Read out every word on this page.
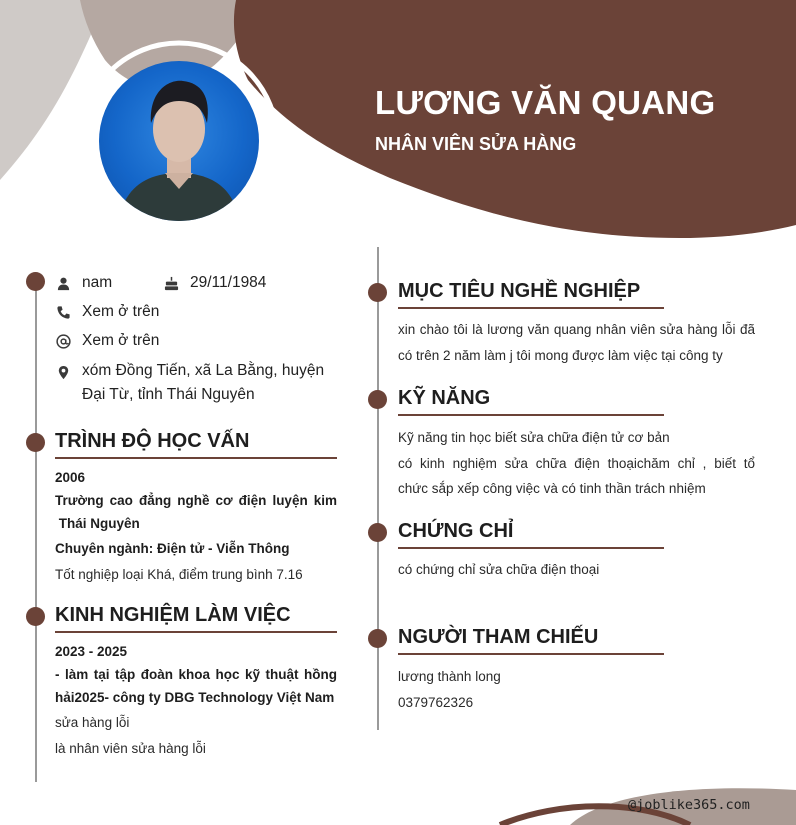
LƯƠNG VĂN QUANG
NHÂN VIÊN SỬA HÀNG
nam	29/11/1984
Xem ở trên
Xem ở trên
xóm Đồng Tiến, xã La Bằng, huyện
Đại Từ, tỉnh Thái Nguyên
TRÌNH ĐỘ HỌC VẤN
2006
Trường cao đẳng nghề cơ điện luyện kim
Thái Nguyên
Chuyên ngành: Điện tử - Viễn Thông
Tốt nghiệp loại Khá, điểm trung bình 7.16
KINH NGHIỆM LÀM VIỆC
2023 - 2025
- làm tại tập đoàn khoa học kỹ thuật hồng
hải2025- công ty DBG Technology Việt Nam
sửa hàng lỗi
là nhân viên sửa hàng lỗi
MỤC TIÊU NGHỀ NGHIỆP
xin chào tôi là lương văn quang nhân viên sửa hàng lỗi đã
có trên 2 năm làm j tôi mong được làm việc tại công ty
KỸ NĂNG
Kỹ năng tin học biết sửa chữa điện tử cơ bản
có kinh nghiệm sửa chữa điện thoạichăm chỉ , biết tổ
chức sắp xếp công việc và có tinh thần trách nhiệm
CHỨNG CHỈ
có chứng chỉ sửa chữa điện thoại
NGƯỜI THAM CHIẾU
lương thành long
0379762326
@joblike365.com
